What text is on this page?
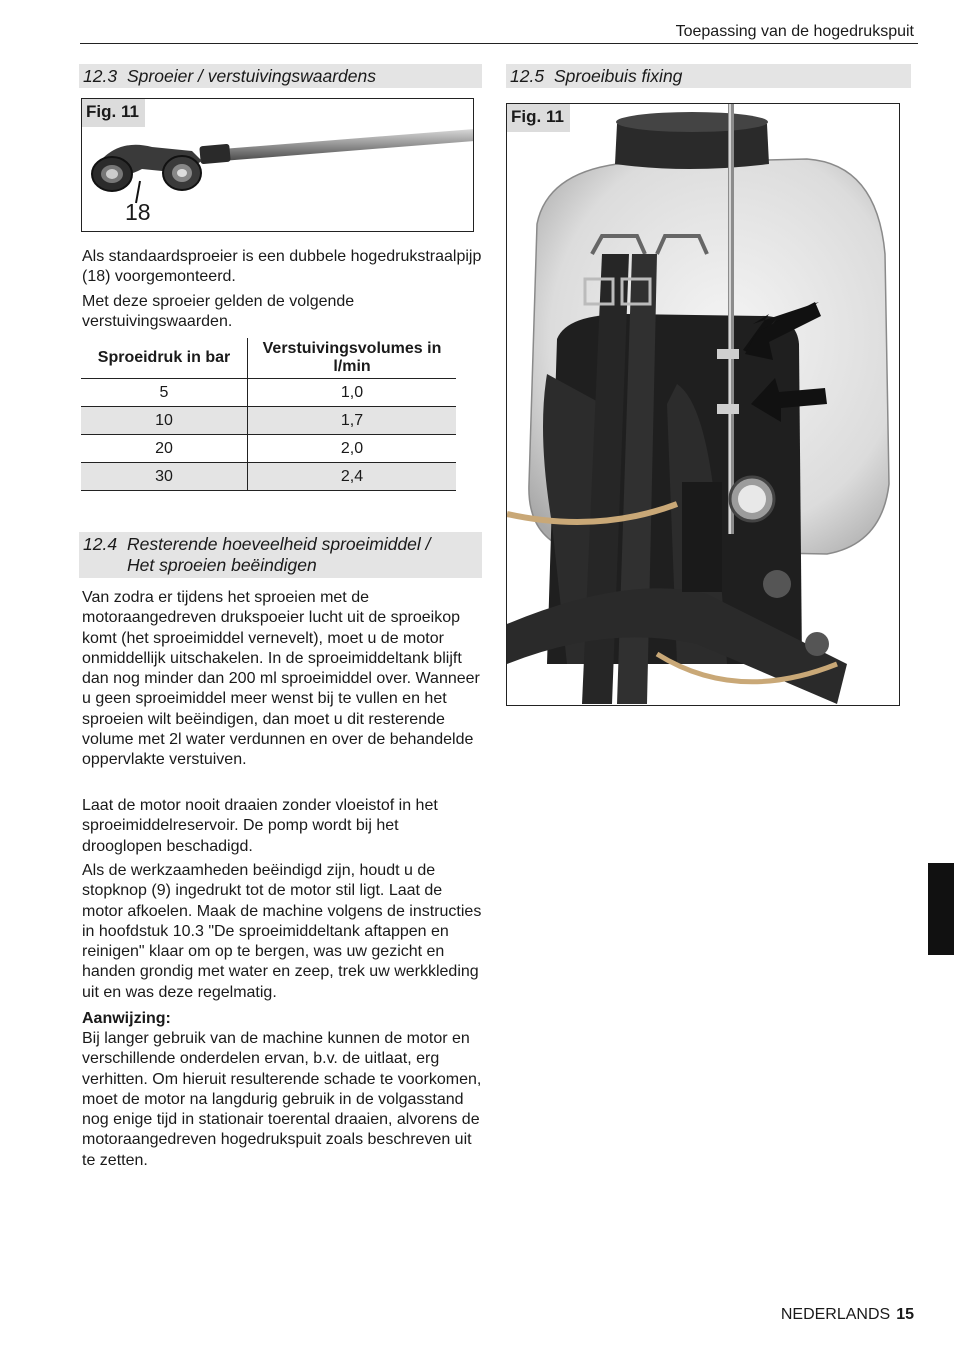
Toepassing van de hogedrukspuit
12.3 Sproeier / verstuivingswaardens
Fig. 11
18

Als standaardsproeier is een dubbele hogedrukstraalpijp (18) voorgemonteerd.

Met deze sproeier gelden de volgende verstuivingswaarden.

Sproeidruk in bar	Verstuivingsvolumes in l/min
5	1,0
10	1,7
20	2,0
30	2,4
12.4 Resterende hoeveelheid sproeimiddel /
Het sproeien beëindigen

Van zodra er tijdens het sproeien met de motoraangedreven drukspoeier lucht uit de sproeikop komt (het sproeimiddel vernevelt), moet u de motor onmiddellijk uitschakelen. In de sproeimiddeltank blijft dan nog minder dan 200 ml sproeimiddel over. Wanneer u geen sproeimiddel meer wenst bij te vullen en het sproeien wilt beëindigen, dan moet u dit resterende volume met 2l water verdunnen en over de behandelde oppervlakte verstuiven.

Laat de motor nooit draaien zonder vloeistof in het sproeimiddelreservoir. De pomp wordt bij het drooglopen beschadigd.

Als de werkzaamheden beëindigd zijn, houdt u de stopknop (9) ingedrukt tot de motor stil ligt. Laat de motor afkoelen. Maak de machine volgens de instructies in hoofdstuk 10.3 "De sproeimiddeltank aftappen en reinigen" klaar om op te bergen, was uw gezicht en handen grondig met water en zeep, trek uw werkkleding uit en was deze regelmatig.

Aanwijzing:

Bij langer gebruik van de machine kunnen de motor en verschillende onderdelen ervan, b.v. de uitlaat, erg verhitten. Om hieruit resulterende schade te voorkomen, moet de motor na langdurig gebruik in de volgasstand nog enige tijd in stationair toerental draaien, alvorens de motoraangedreven hogedrukspuit zoals beschreven uit te zetten.

12.5 Sproeibuis fixing
Fig. 11
NEDERLANDS 15
